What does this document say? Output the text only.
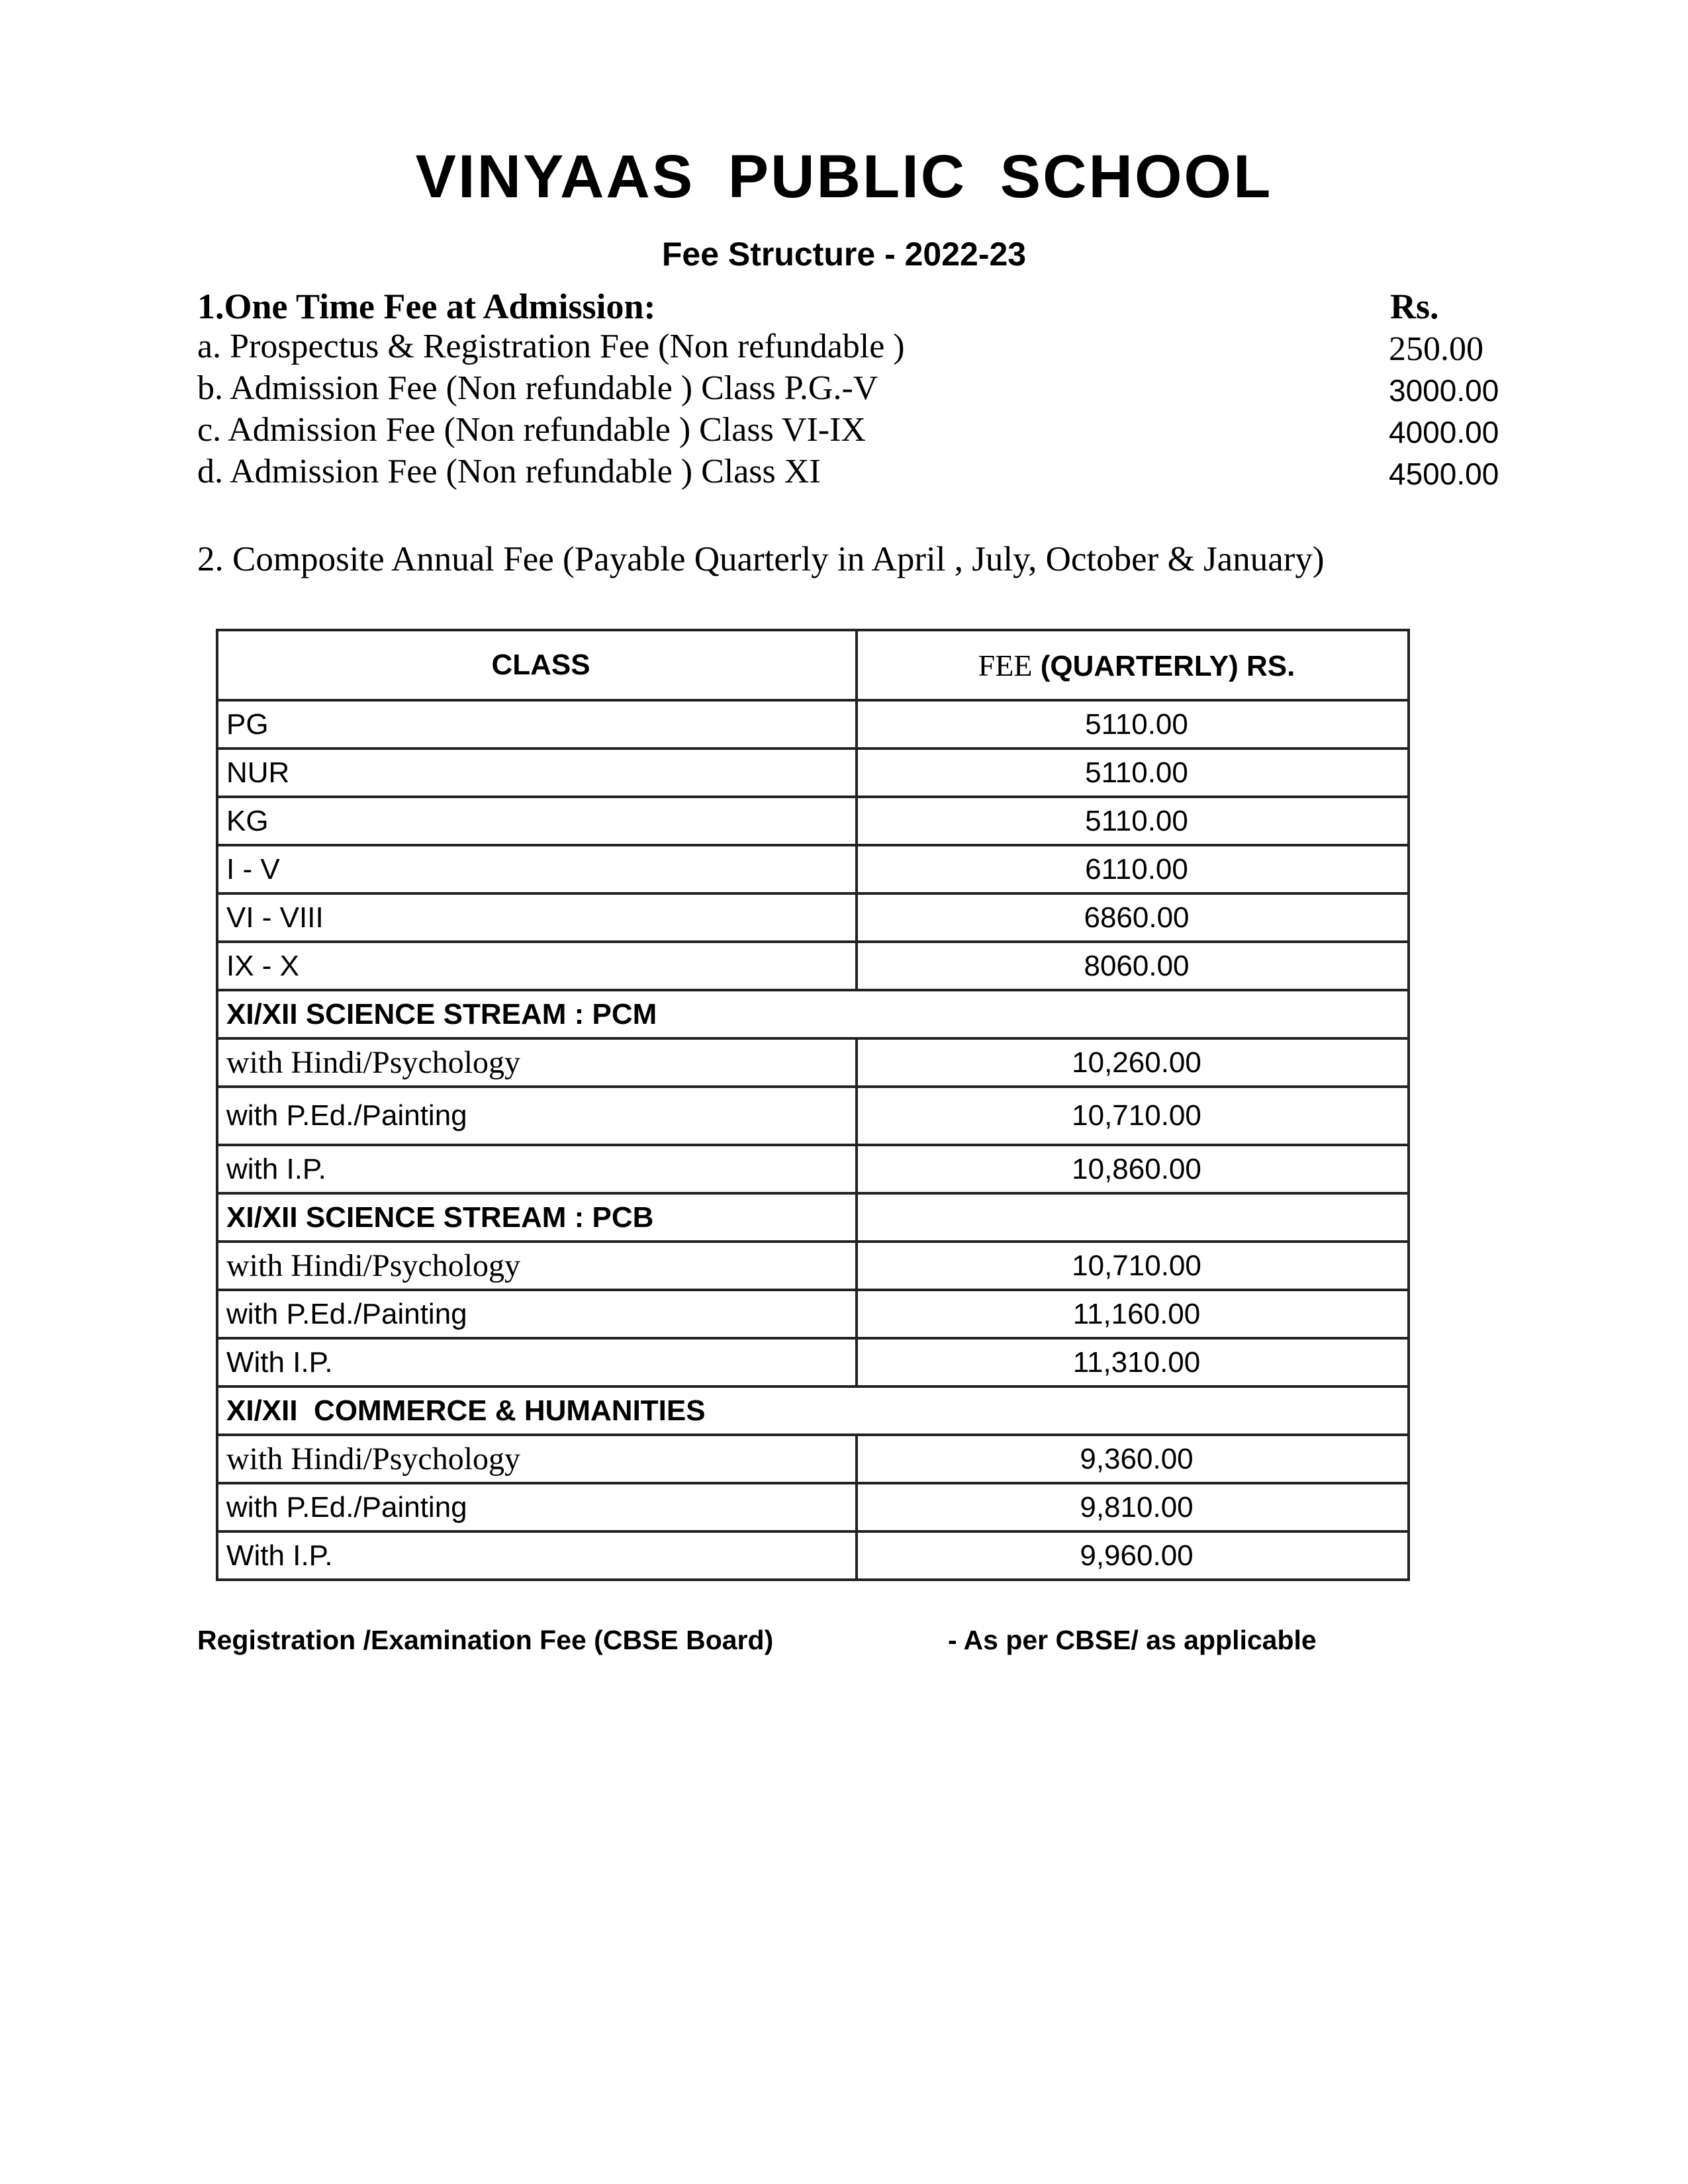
VINYAAS PUBLIC SCHOOL
Fee Structure - 2022-23
1.One Time Fee at Admission:	Rs.
a. Prospectus & Registration Fee (Non refundable )	250.00
b. Admission Fee (Non refundable ) Class P.G.-V	3000.00
c. Admission Fee (Non refundable ) Class VI-IX	4000.00
d. Admission Fee (Non refundable ) Class XI	4500.00
2. Composite Annual Fee (Payable Quarterly in April , July, October & January)
CLASS	FEE (QUARTERLY) RS.
PG	5110.00
NUR	5110.00
KG	5110.00
I - V	6110.00
VI - VIII	6860.00
IX - X	8060.00
XI/XII SCIENCE STREAM : PCM	
with Hindi/Psychology	10,260.00
with P.Ed./Painting	10,710.00
with I.P.	10,860.00
XI/XII SCIENCE STREAM : PCB	
with Hindi/Psychology	10,710.00
with P.Ed./Painting	11,160.00
With I.P.	11,310.00
XI/XII  COMMERCE & HUMANITIES	
with Hindi/Psychology	9,360.00
with P.Ed./Painting	9,810.00
With I.P.	9,960.00
Registration /Examination Fee (CBSE Board)	- As per CBSE/ as applicable
